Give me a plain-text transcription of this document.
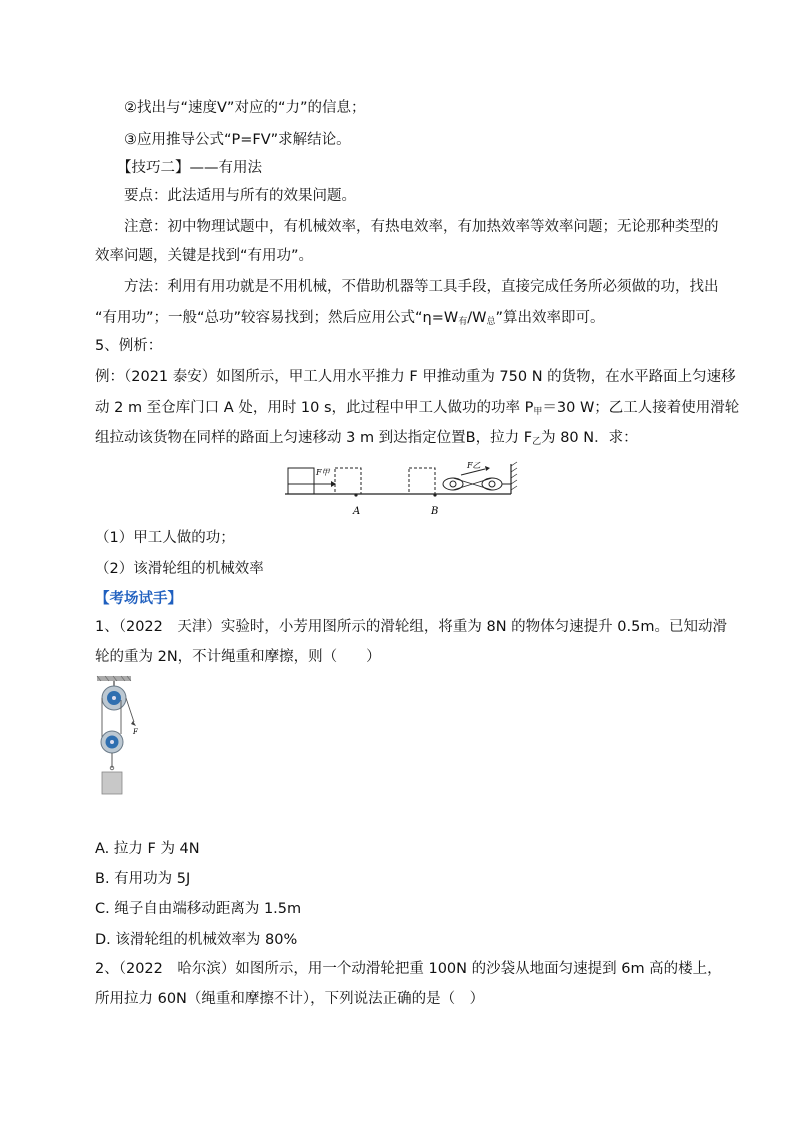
②找出与“速度V”对应的“力”的信息；
③应用推导公式“P=FV”求解结论。
【技巧二】——有用法
要点：此法适用与所有的效果问题。
注意：初中物理试题中，有机械效率，有热电效率，有加热效率等效率问题；无论那种类型的
效率问题，关键是找到“有用功”。
方法：利用有用功就是不用机械，不借助机器等工具手段，直接完成任务所必须做的功，找出
“有用功”；一般“总功”较容易找到；然后应用公式“$\eta=W_有/W_总$”算出效率即可。
5、例析：
例：（2021 泰安）如图所示，甲工人用水平推力 F 甲推动重为 750 N 的货物，在水平路面上匀速移
动 2 m 至仓库门口 A 处，用时 10 s，此过程中甲工人做功的功率 $P_甲=30$ W；乙工人接着使用滑轮
组拉动该货物在同样的路面上匀速移动 3 m 到达指定位置B，拉力 $F_乙$为 80 N．求：
F甲
A	B
F乙
（1）甲工人做的功；
（2）该滑轮组的机械效率
【考场试手】
1、（2022　天津）实验时，小芳用图所示的滑轮组，将重为 8N 的物体匀速提升 0.5m。已知动滑
轮的重为 2N，不计绳重和摩擦，则（　　）
F
A. 拉力 F 为 4N
B. 有用功为 5J
C. 绳子自由端移动距离为 1.5m
D. 该滑轮组的机械效率为 80%
2、（2022　哈尔滨）如图所示，用一个动滑轮把重 100N 的沙袋从地面匀速提到 6m 高的楼上，
所用拉力 60N（绳重和摩擦不计），下列说法正确的是（　）
